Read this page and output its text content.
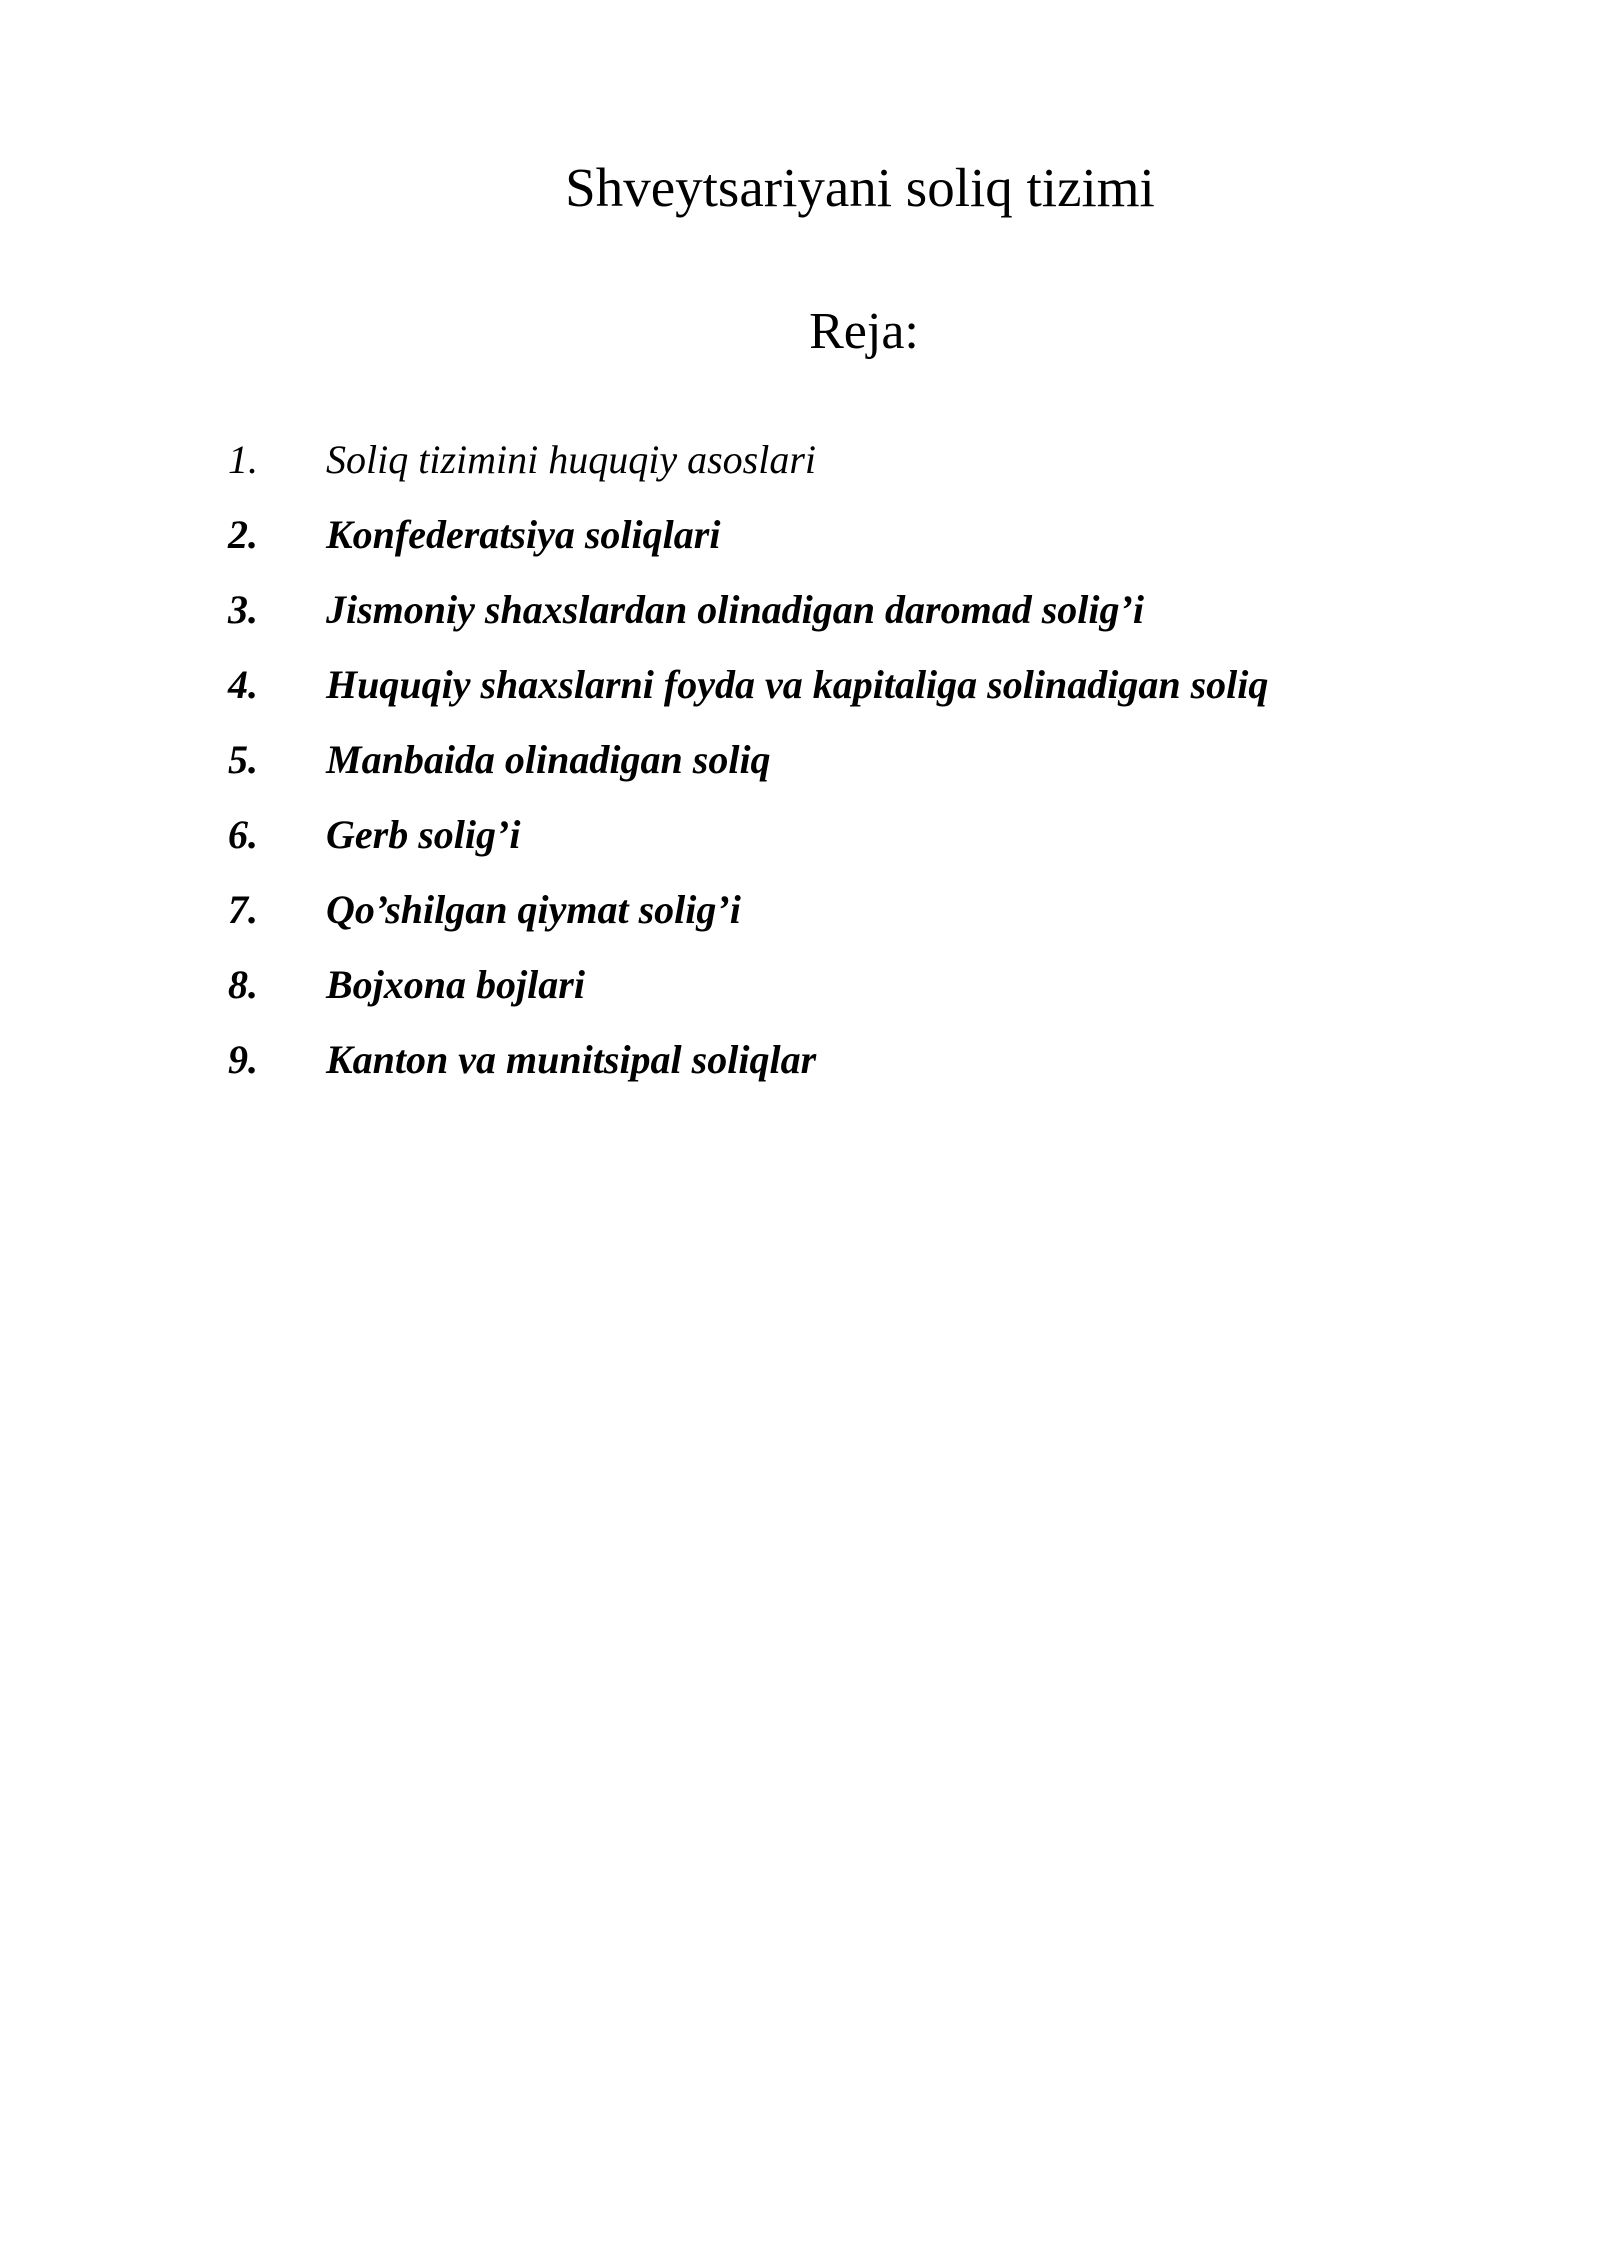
Shveytsariyani soliq tizimi
Reja:
1. Soliq tizimini huquqiy asoslari
2. Konfederatsiya soliqlari
3. Jismoniy shaxslardan olinadigan daromad solig’i
4. Huquqiy shaxslarni foyda va kapitaliga solinadigan soliq
5. Manbaida olinadigan soliq
6. Gerb solig’i
7. Qo’shilgan qiymat solig’i
8. Bojxona bojlari
9. Kanton va munitsipal soliqlar
